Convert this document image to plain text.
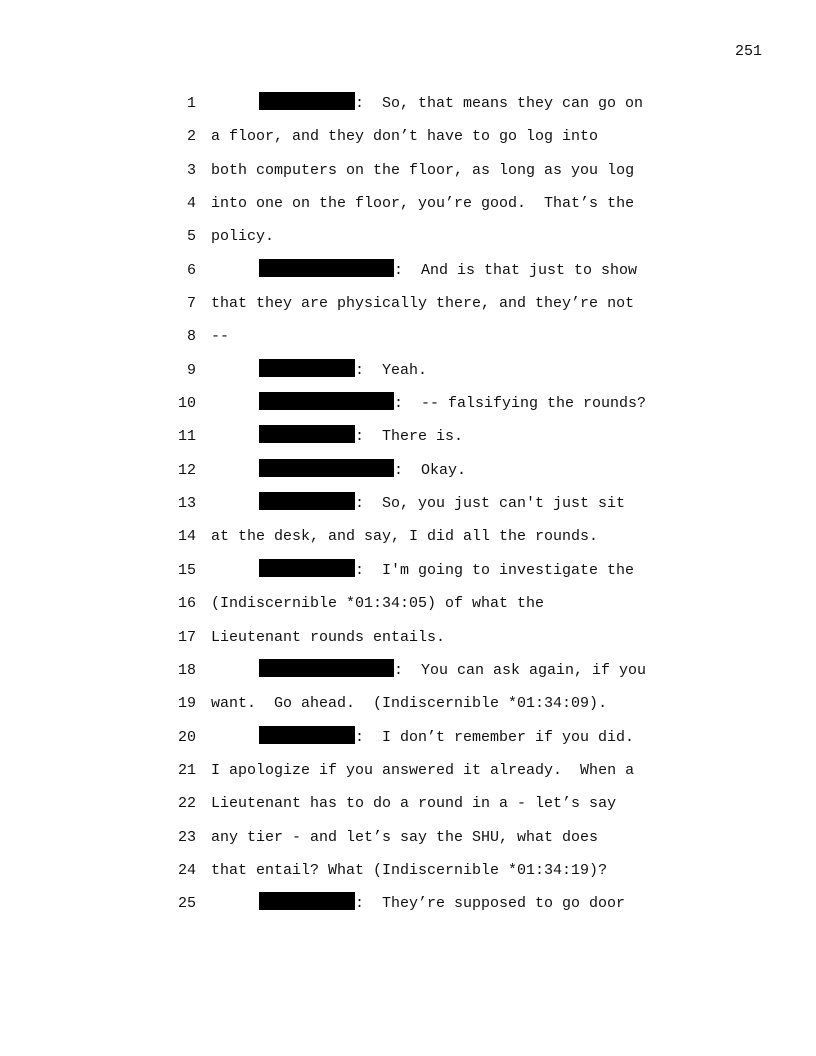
251
1	:  So, that means they can go on
2 a floor, and they don’t have to go log into
3 both computers on the floor, as long as you log
4 into one on the floor, you’re good.  That’s the
5 policy.
6	:  And is that just to show
7 that they are physically there, and they’re not
8 --
9	:  Yeah.
10	:  -- falsifying the rounds?
11	:  There is.
12	:  Okay.
13	:  So, you just can't just sit
14 at the desk, and say, I did all the rounds.
15	:  I'm going to investigate the
16 (Indiscernible *01:34:05) of what the
17 Lieutenant rounds entails.
18	:  You can ask again, if you
19 want.  Go ahead.  (Indiscernible *01:34:09).
20	:  I don’t remember if you did.
21 I apologize if you answered it already.  When a
22 Lieutenant has to do a round in a - let’s say
23 any tier - and let’s say the SHU, what does
24 that entail? What (Indiscernible *01:34:19)?
25	:  They’re supposed to go door
